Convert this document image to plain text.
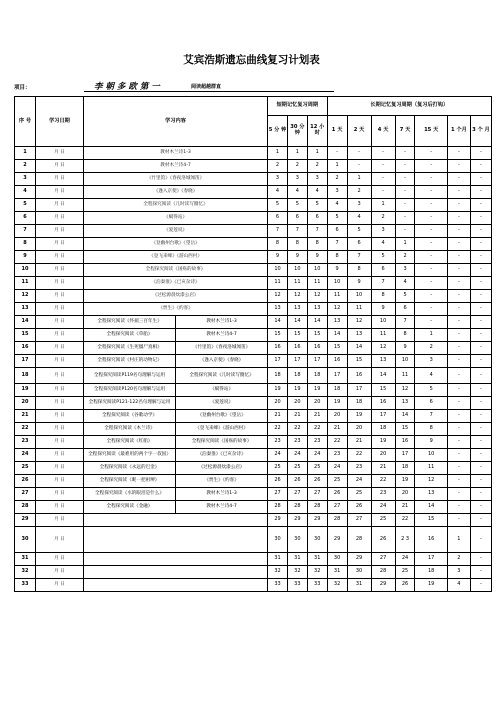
艾宾浩斯遗忘曲线复习计划表
项目：	李 朝 多 欧 第 一	阅读超越群直
序 号	学习日期	学习内容		短期记忆复习周期			长期记忆复习周期（复习后打钩）						
				5 分 钟	30 分钟	12 小时	1 天	2 天	4 天	7 天	15 天	1 个月	3 个 月
1	月 日	教材木兰诗1-3		1	1	1	-	-	-	-	-	-	-
2	月 日	教材木兰诗4-7		2	2	2	1	-	-	-	-	-	-
3	月 日	《竹里馆》《春夜洛城闻笛》		3	3	3	2	1	-	-	-	-	-
4	月 日	《逢入京使》《春晓》		4	4	4	3	2	-	-	-	-	-
5	月 日	全程探究阅读《儿时读写圈忆》		5	5	5	4	3	1	-	-	-	-
6	月 日	《赋得站》		6	6	6	5	4	2	-	-	-	-
7	月 日	《爱莲说》		7	7	7	6	5	3	-	-	-	-
8	月 日	《登幽州台歌》《望岳》		8	8	8	7	6	4	1	-	-	-
9	月 日	《登飞来峰》《游山西村》		9	9	9	8	7	5	2	-	-	-
10	月 日	全程探究阅读《国殇的故事》		10	10	10	9	8	6	3	-	-	-
11	月 日	《泊秦淮》《已亥杂诗》		11	11	11	10	9	7	4	-	-	-
12	月 日	《过松源晨炊漆公店》		12	12	12	11	10	8	5	-	-	-
13	月 日	《贾生》《约客》		13	13	13	12	11	9	6	-	-	-
14	月 日	全程探究阅读《怀揣三百年生》	教材木兰诗1-3	14	14	14	13	12	10	7	-	-	-
15	月 日	全程探究阅读《草船》	教材木兰诗4-7	15	15	15	14	13	11	8	1	-	-
16	月 日	全程探究阅读《生死僵尸真相》	《竹里馆》《春夜洛城闻笛》	16	16	16	15	14	12	9	2	-	-
17	月 日	全程探究阅读《村庄的动物记》	《逢入京使》《春晓》	17	17	17	16	15	13	10	3	-	-
18	月 日	全程探究阅读P119名句理解与运用	全程探究阅读《儿时读写圈忆》	18	18	18	17	16	14	11	4	-	-
19	月 日	全程探究阅读P120名句理解与运用	《赋得站》	19	19	19	18	17	15	12	5	-	-
20	月 日	全程探究阅读P121-122名句理解与运用	《爱莲说》	20	20	20	19	18	16	13	6	-	-
21	月 日	全程探究阅读《谷歌动学》	《登幽州台歌》《望岳》	21	21	21	20	19	17	14	7	-	-
22	月 日	全程探究阅读《木兰诗》	《登飞来峰》《游山西村》	22	22	22	21	20	18	15	8	-	-
23	月 日	全程探究阅读《红船》	全程探究阅读《国殇的故事》	23	23	23	22	21	19	16	9	-	-
24	月 日	全程探究阅读《最难用的两个字一叔国》	《泊秦淮》《已亥杂诗》	24	24	24	23	22	20	17	10	-	-
25	月 日	全程探究阅读《永远的巴金》	《过松源晨炊漆公店》	25	25	25	24	23	21	18	11	-	-
26	月 日	全程探究阅读《昵一把祖堺》	《贾生》《约客》	26	26	26	25	24	22	19	12	-	-
27	月 日	全程探究阅读《水的眼泪是什么》	教材木兰诗1-3	27	27	27	26	25	23	20	13	-	-
28	月 日	全程探究阅读《金融》	教材木兰诗4-7	28	28	28	27	26	24	21	14	-	-
29	月 日			29	29	29	28	27	25	22	15	-	-
30	月 日			30	30	30	29	28	26	2 3	16	1	-
31	月 日			31	31	31	30	29	27	24	17	2	-
32	月 日			32	32	32	31	30	28	25	18	3	-
33	月 日			33	33	33	32	31	29	26	19	4	-
